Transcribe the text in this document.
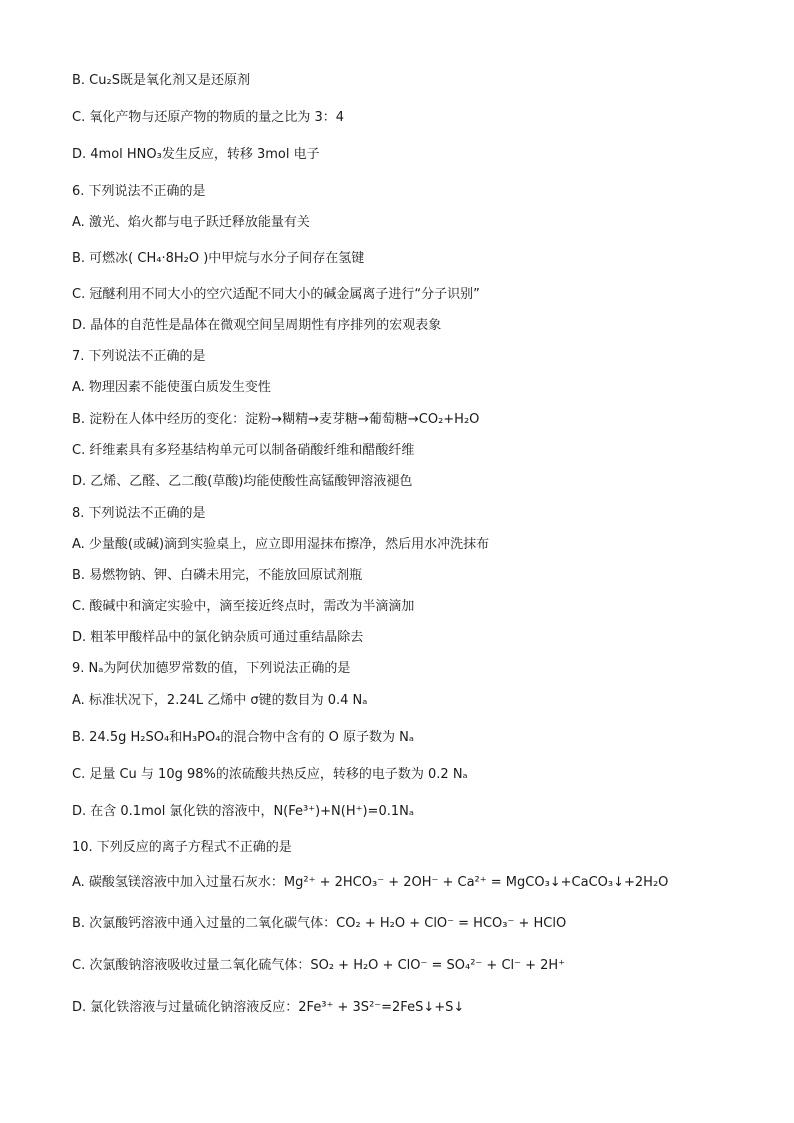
B. Cu₂S既是氧化剂又是还原剂
C. 氧化产物与还原产物的物质的量之比为 3：4
D. 4mol HNO₃发生反应，转移 3mol 电子
6. 下列说法不正确的是
A. 激光、焰火都与电子跃迁释放能量有关
B. 可燃冰( CH₄·8H₂O )中甲烷与水分子间存在氢键
C. 冠醚利用不同大小的空穴适配不同大小的碱金属离子进行“分子识别”
D. 晶体的自范性是晶体在微观空间呈周期性有序排列的宏观表象
7. 下列说法不正确的是
A. 物理因素不能使蛋白质发生变性
B. 淀粉在人体中经历的变化：淀粉→糊精→麦芽糖→葡萄糖→CO₂+H₂O
C. 纤维素具有多羟基结构单元可以制备硝酸纤维和醋酸纤维
D. 乙烯、乙醛、乙二酸(草酸)均能使酸性高锰酸钾溶液褪色
8. 下列说法不正确的是
A. 少量酸(或碱)滴到实验桌上，应立即用湿抹布擦净，然后用水冲洗抹布
B. 易燃物钠、钾、白磷未用完，不能放回原试剂瓶
C. 酸碱中和滴定实验中，滴至接近终点时，需改为半滴滴加
D. 粗苯甲酸样品中的氯化钠杂质可通过重结晶除去
9. Nₐ为阿伏加德罗常数的值，下列说法正确的是
A. 标准状况下，2.24L 乙烯中 σ键的数目为 0.4 Nₐ
B. 24.5g H₂SO₄和H₃PO₄的混合物中含有的 O 原子数为 Nₐ
C. 足量 Cu 与 10g 98%的浓硫酸共热反应，转移的电子数为 0.2 Nₐ
D. 在含 0.1mol 氯化铁的溶液中，N(Fe³⁺)+N(H⁺)=0.1Nₐ
10. 下列反应的离子方程式不正确的是
A. 碳酸氢镁溶液中加入过量石灰水：Mg²⁺ + 2HCO₃⁻ + 2OH⁻ + Ca²⁺ = MgCO₃↓+CaCO₃↓+2H₂O
B. 次氯酸钙溶液中通入过量的二氧化碳气体：CO₂ + H₂O + ClO⁻ = HCO₃⁻ + HClO
C. 次氯酸钠溶液吸收过量二氧化硫气体：SO₂ + H₂O + ClO⁻ = SO₄²⁻ + Cl⁻ + 2H⁺
D. 氯化铁溶液与过量硫化钠溶液反应：2Fe³⁺ + 3S²⁻=2FeS↓+S↓
